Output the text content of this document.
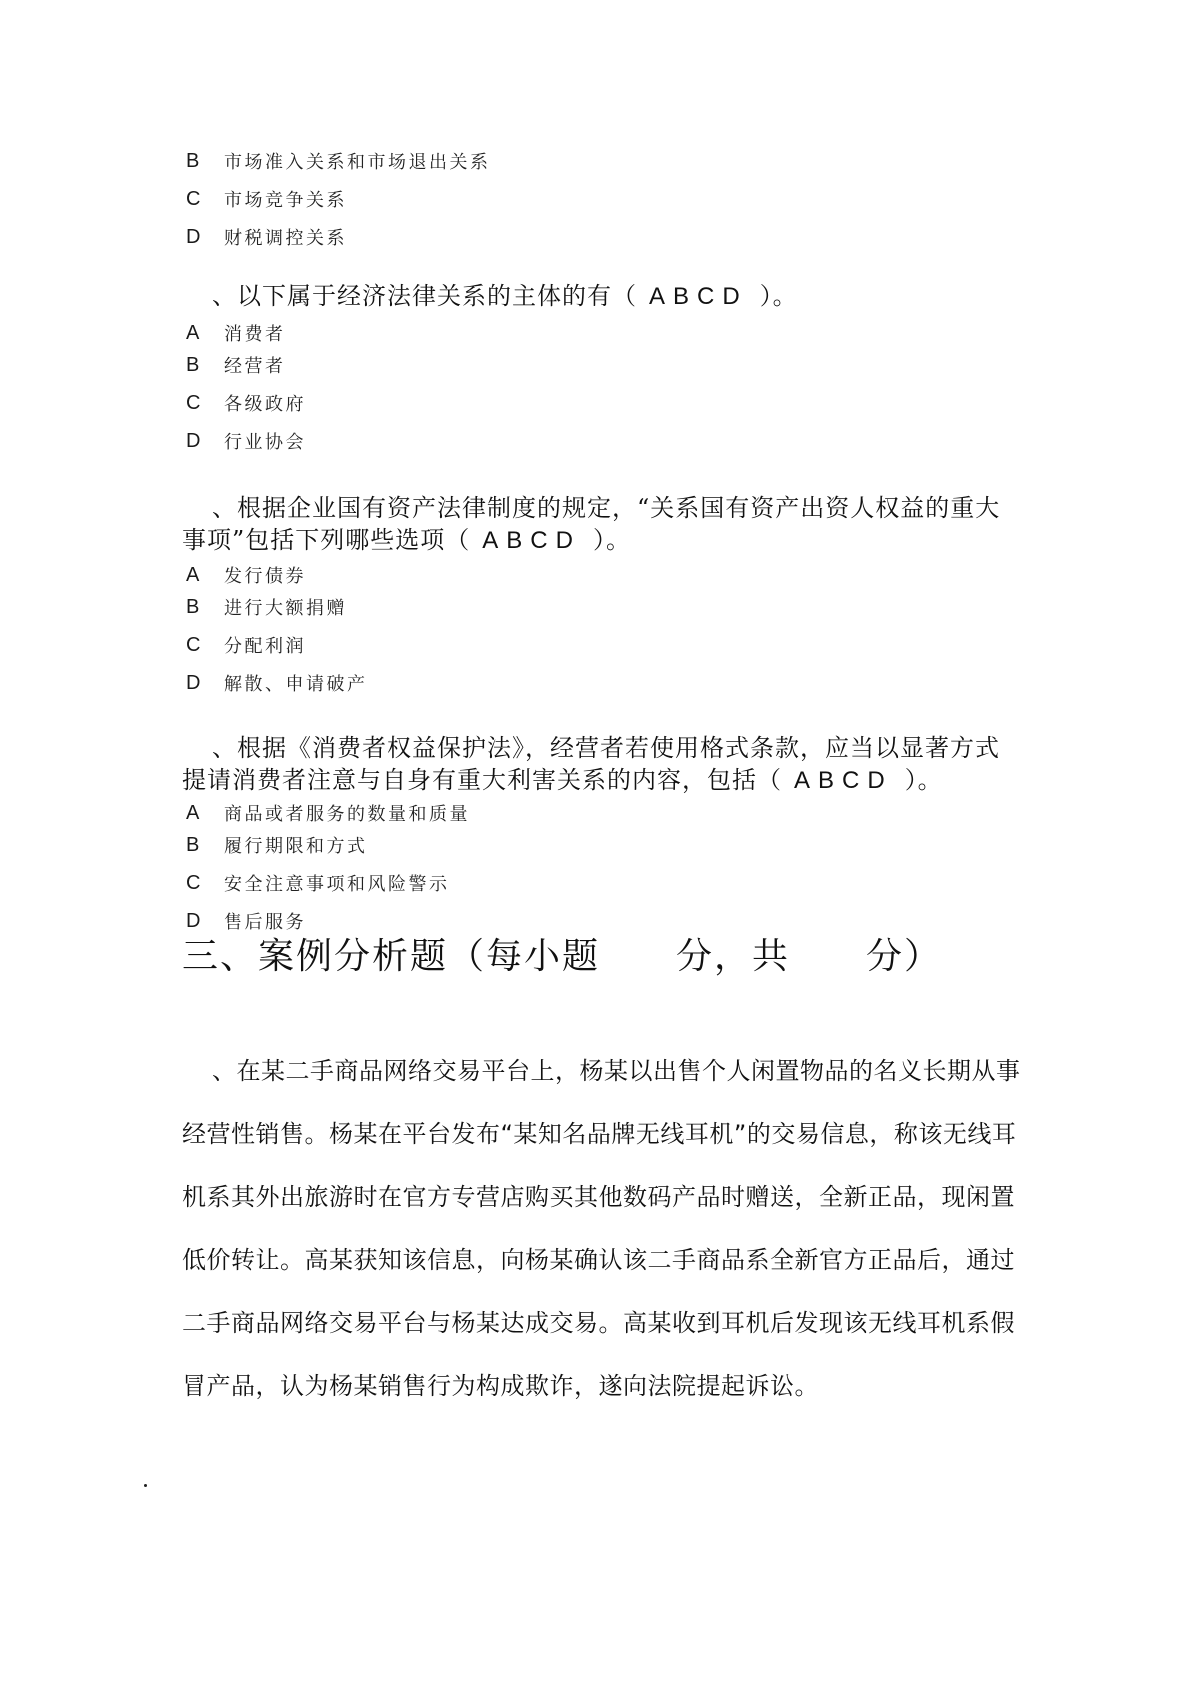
B	市场准入关系和市场退出关系
C	市场竞争关系
D	财税调控关系
、以下属于经济法律关系的主体的有（ ABCD ）。
A	消费者
B	经营者
C	各级政府
D	行业协会
、根据企业国有资产法律制度的规定，“关系国有资产出资人权益的重大事项”包括下列哪些选项（ ABCD ）。
A	发行债券
B	进行大额捐赠
C	分配利润
D	解散、申请破产
、根据《消费者权益保护法》，经营者若使用格式条款，应当以显著方式提请消费者注意与自身有重大利害关系的内容，包括（ ABCD ）。
A	商品或者服务的数量和质量
B	履行期限和方式
C	安全注意事项和风险警示
D	售后服务
三、案例分析题（每小题　　分，共　　分）
、在某二手商品网络交易平台上，杨某以出售个人闲置物品的名义长期从事经营性销售。杨某在平台发布“某知名品牌无线耳机”的交易信息，称该无线耳机系其外出旅游时在官方专营店购买其他数码产品时赠送，全新正品，现闲置低价转让。高某获知该信息，向杨某确认该二手商品系全新官方正品后，通过二手商品网络交易平台与杨某达成交易。高某收到耳机后发现该无线耳机系假冒产品，认为杨某销售行为构成欺诈，遂向法院提起诉讼。
